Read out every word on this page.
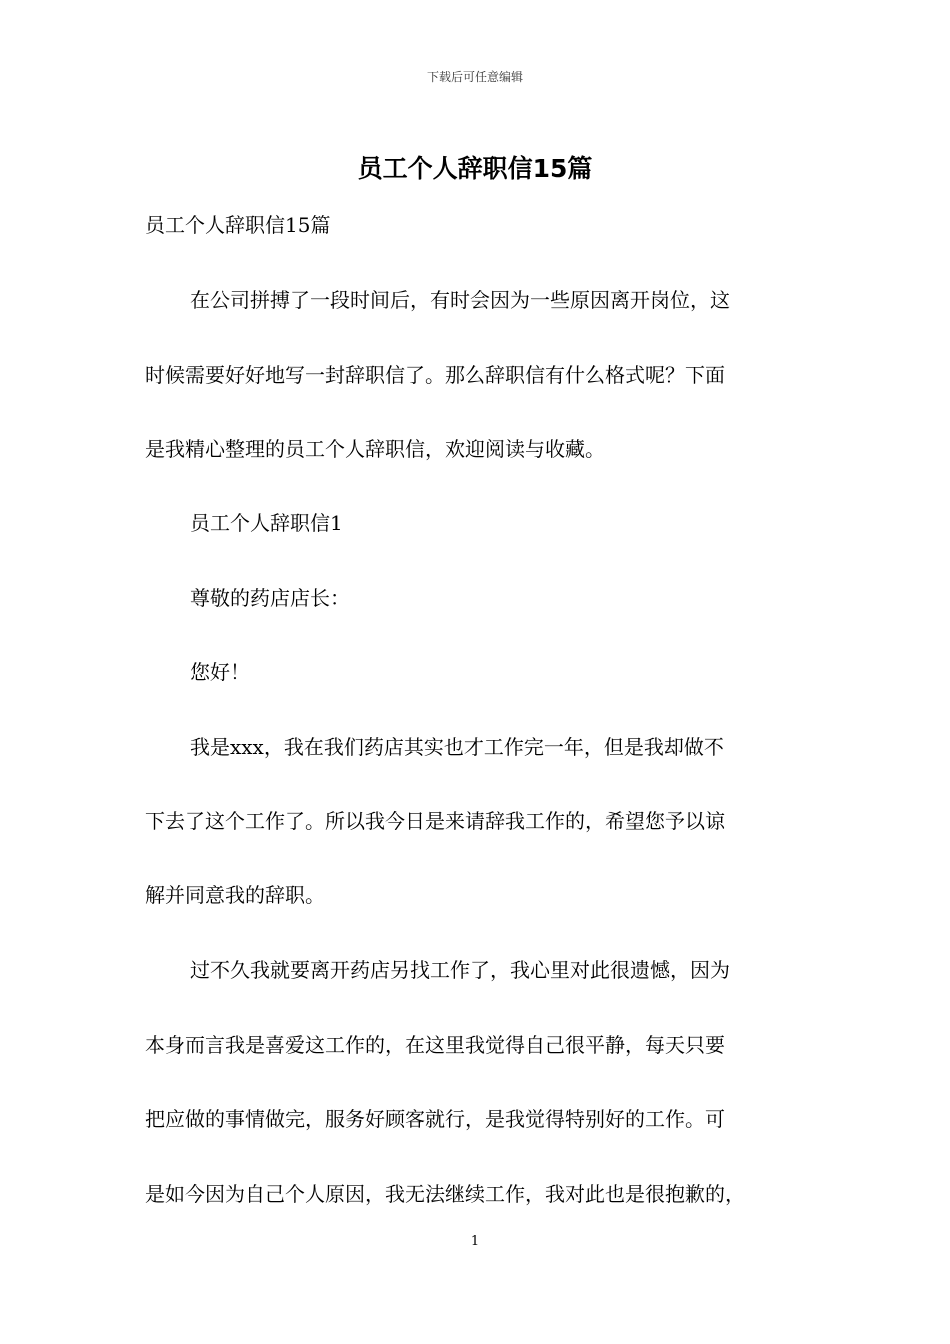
下载后可任意编辑
员工个人辞职信15篇
员工个人辞职信15篇
在公司拼搏了一段时间后，有时会因为一些原因离开岗位，这
时候需要好好地写一封辞职信了。那么辞职信有什么格式呢？下面
是我精心整理的员工个人辞职信，欢迎阅读与收藏。
员工个人辞职信1
尊敬的药店店长：
您好！
我是xxx，我在我们药店其实也才工作完一年，但是我却做不
下去了这个工作了。所以我今日是来请辞我工作的，希望您予以谅
解并同意我的辞职。
过不久我就要离开药店另找工作了，我心里对此很遗憾，因为
本身而言我是喜爱这工作的，在这里我觉得自己很平静，每天只要
把应做的事情做完，服务好顾客就行，是我觉得特别好的工作。可
是如今因为自己个人原因，我无法继续工作，我对此也是很抱歉的，
1
